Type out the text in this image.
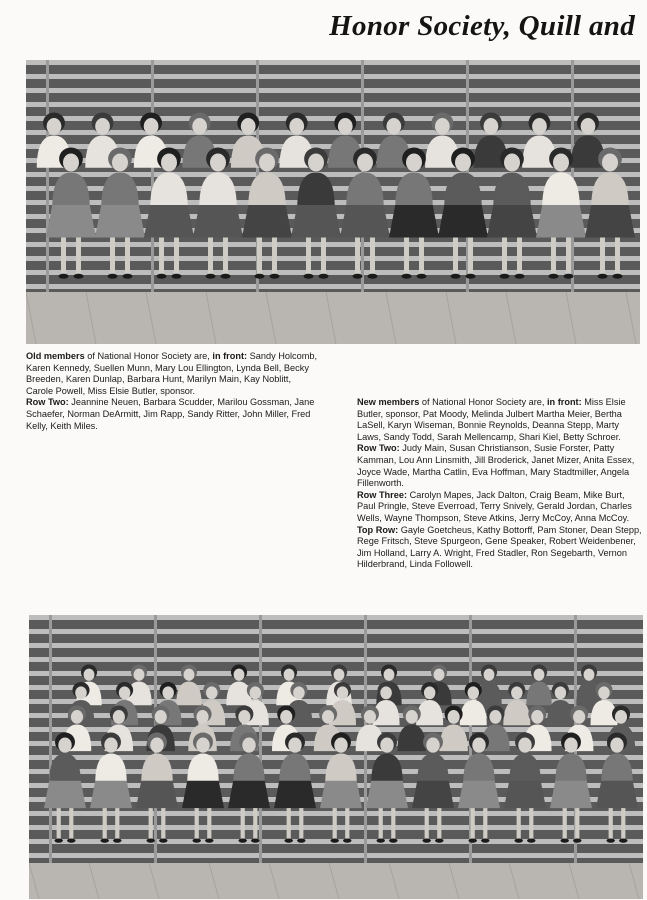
Honor Society, Quill and

Old members of National Honor Society are, in front: Sandy Holcomb, Karen Kennedy, Suellen Munn, Mary Lou Ellington, Lynda Bell, Becky Breeden, Karen Dunlap, Barbara Hunt, Marilyn Main, Kay Noblitt, Carole Powell, Miss Elsie Butler, sponsor.

Row Two: Jeannine Neuen, Barbara Scudder, Marilou Gossman, Jane Schaefer, Norman DeArmitt, Jim Rapp, Sandy Ritter, John Miller, Fred Kelly, Keith Miles.

New members of National Honor Society are, in front: Miss Elsie Butler, sponsor, Pat Moody, Melinda Julbert Martha Meier, Bertha LaSell, Karyn Wiseman, Bonnie Reynolds, Deanna Stepp, Marty Laws, Sandy Todd, Sarah Mellencamp, Shari Kiel, Betty Schroer.

Row Two: Judy Main, Susan Christianson, Susie Forster, Patty Kamman, Lou Ann Linsmith, Jill Broderick, Janet Mizer, Anita Essex, Joyce Wade, Martha Catlin, Eva Hoffman, Mary Stadtmiller, Angela Fillenworth.

Row Three: Carolyn Mapes, Jack Dalton, Craig Beam, Mike Burt, Paul Pringle, Steve Everroad, Terry Snively, Gerald Jordan, Charles Wells, Wayne Thompson, Steve Atkins, Jerry McCoy, Anna McCoy.

Top Row: Gayle Goetcheus, Kathy Bottorff, Pam Stoner, Dean Stepp, Rege Fritsch, Steve Spurgeon, Gene Speaker, Robert Weidenbener, Jim Holland, Larry A. Wright, Fred Stadler, Ron Segebarth, Vernon Hilderbrand, Linda Followell.
